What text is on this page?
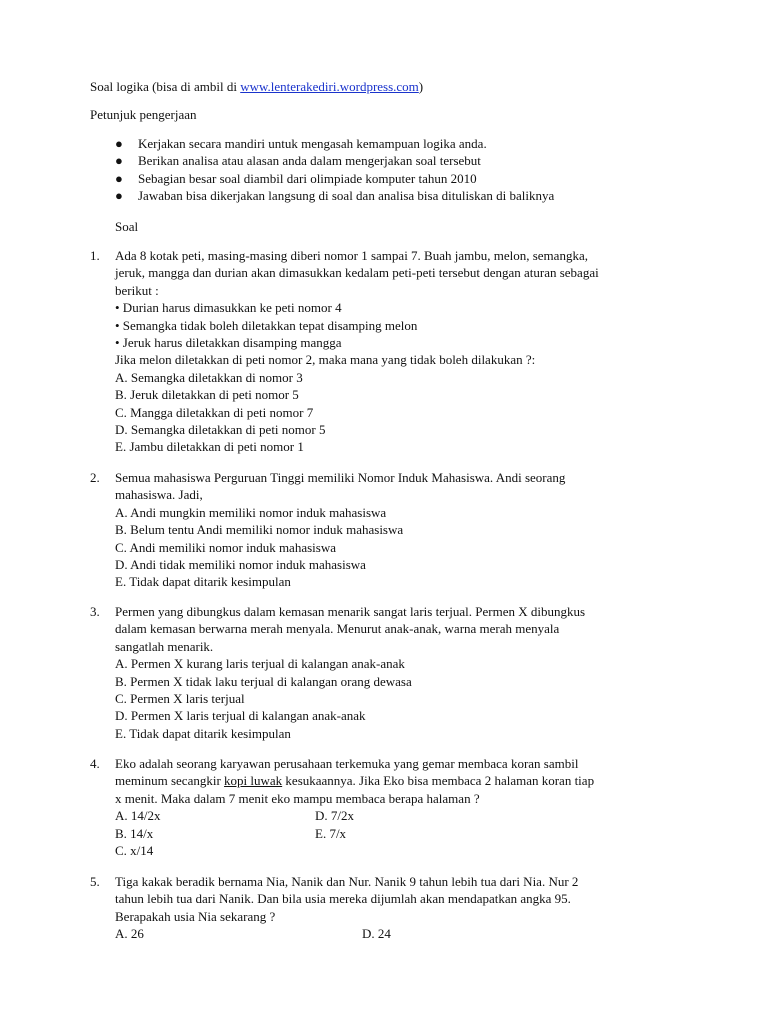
Soal logika (bisa di ambil di www.lenterakediri.wordpress.com)

Petunjuk pengerjaan

● Kerjakan secara mandiri untuk mengasah kemampuan logika anda.
● Berikan analisa atau alasan anda dalam mengerjakan soal tersebut
● Sebagian besar soal diambil dari olimpiade komputer tahun 2010
● Jawaban bisa dikerjakan langsung di soal dan analisa bisa dituliskan di baliknya

Soal

1. Ada 8 kotak peti, masing-masing diberi nomor 1 sampai 7. Buah jambu, melon, semangka,

jeruk, mangga dan durian akan dimasukkan kedalam peti-peti tersebut dengan aturan sebagai

berikut :

• Durian harus dimasukkan ke peti nomor 4

• Semangka tidak boleh diletakkan tepat disamping melon

• Jeruk harus diletakkan disamping mangga

Jika melon diletakkan di peti nomor 2, maka mana yang tidak boleh dilakukan ?:

A. Semangka diletakkan di nomor 3

B. Jeruk diletakkan di peti nomor 5

C. Mangga diletakkan di peti nomor 7

D. Semangka diletakkan di peti nomor 5

E. Jambu diletakkan di peti nomor 1

2. Semua mahasiswa Perguruan Tinggi memiliki Nomor Induk Mahasiswa. Andi seorang

mahasiswa. Jadi,

A. Andi mungkin memiliki nomor induk mahasiswa

B. Belum tentu Andi memiliki nomor induk mahasiswa

C. Andi memiliki nomor induk mahasiswa

D. Andi tidak memiliki nomor induk mahasiswa

E. Tidak dapat ditarik kesimpulan

3. Permen yang dibungkus dalam kemasan menarik sangat laris terjual. Permen X dibungkus

dalam kemasan berwarna merah menyala. Menurut anak-anak, warna merah menyala

sangatlah menarik.

A. Permen X kurang laris terjual di kalangan anak-anak

B. Permen X tidak laku terjual di kalangan orang dewasa

C. Permen X laris terjual

D. Permen X laris terjual di kalangan anak-anak

E. Tidak dapat ditarik kesimpulan

4. Eko adalah seorang karyawan perusahaan terkemuka yang gemar membaca koran sambil

meminum secangkir kopi luwak kesukaannya. Jika Eko bisa membaca 2 halaman koran tiap

x menit. Maka dalam 7 menit eko mampu membaca berapa halaman ?

A. 14/2x

B. 14/x

C. x/14

D. 7/2x
E. 7/x
5. Tiga kakak beradik bernama Nia, Nanik dan Nur. Nanik 9 tahun lebih tua dari Nia. Nur 2

tahun lebih tua dari Nanik. Dan bila usia mereka dijumlah akan mendapatkan angka 95.

Berapakah usia Nia sekarang ?

A. 26	D. 24
